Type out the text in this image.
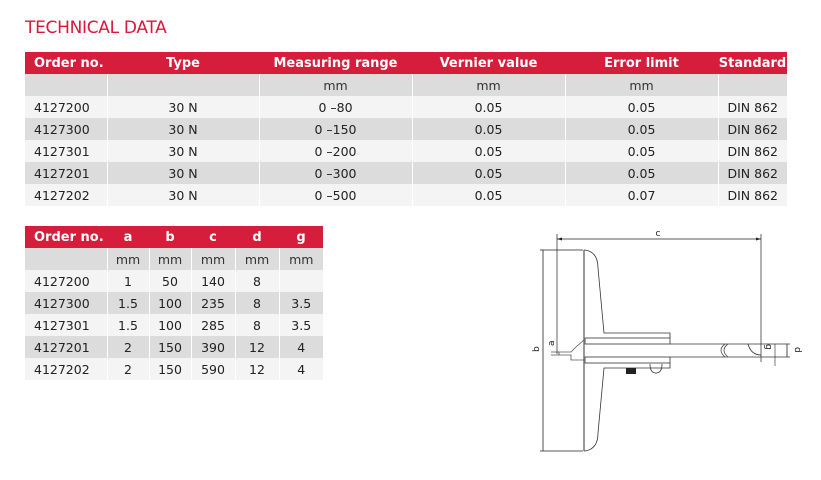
TECHNICAL DATA
Order no.	Type	Measuring range	Vernier value	Error limit	Standard
		mm	mm	mm	
4127200	30 N	0 –80	0.05	0.05	DIN 862
4127300	30 N	0 –150	0.05	0.05	DIN 862
4127301	30 N	0 –200	0.05	0.05	DIN 862
4127201	30 N	0 –300	0.05	0.05	DIN 862
4127202	30 N	0 –500	0.05	0.07	DIN 862
Order no.	a	b	c	d	g
	mm	mm	mm	mm	mm
4127200	1	50	140	8	
4127300	1.5	100	235	8	3.5
4127301	1.5	100	285	8	3.5
4127201	2	150	390	12	4
4127202	2	150	590	12	4
c
b
a
g
d
